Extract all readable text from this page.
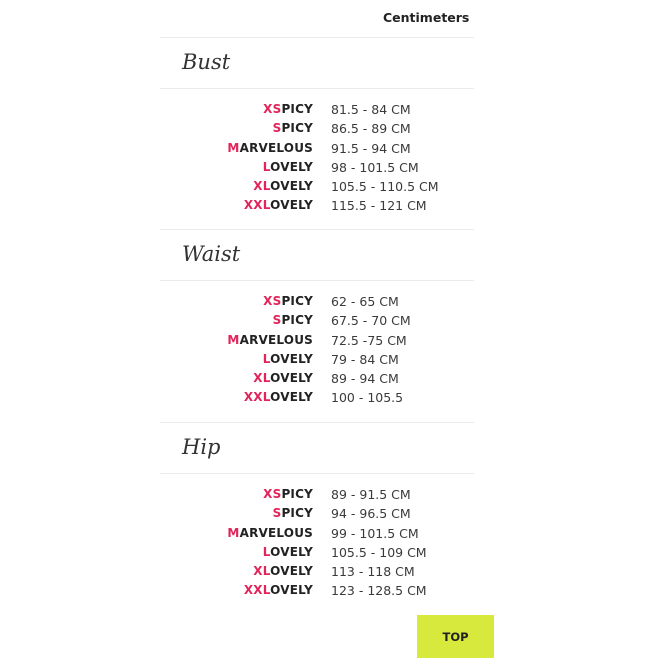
Centimeters
Bust
XSPICY 81.5 - 84 CM
SPICY 86.5 - 89 CM
MARVELOUS 91.5 - 94 CM
LOVELY 98 - 101.5 CM
XLOVELY 105.5 - 110.5 CM
XXLOVELY 115.5 - 121 CM
Waist
XSPICY 62 - 65 CM
SPICY 67.5 - 70 CM
MARVELOUS 72.5 -75 CM
LOVELY 79 - 84 CM
XLOVELY 89 - 94 CM
XXLOVELY 100 - 105.5
Hip
XSPICY 89 - 91.5 CM
SPICY 94 - 96.5 CM
MARVELOUS 99 - 101.5 CM
LOVELY 105.5 - 109 CM
XLOVELY 113 - 118 CM
XXLOVELY 123 - 128.5 CM
TOP
